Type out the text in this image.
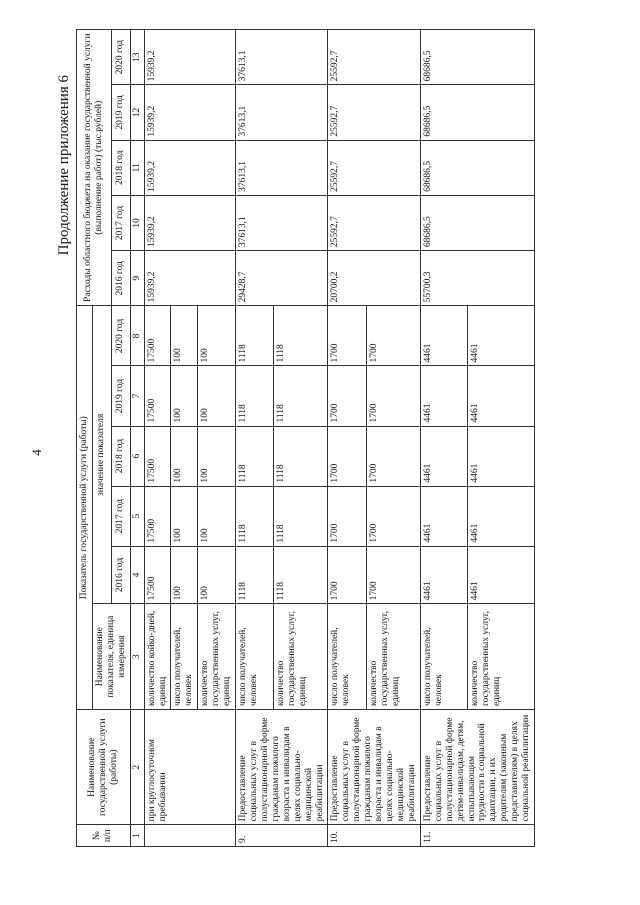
4
Продолжение приложения 6
№ п/п	Наименование государственной услуги (работы)	Показатель государственной услуги (работы)						Расходы областного бюджета на оказание государственной услуги (выполнение работ) (тыс.рублей)				
		Наименование показателя, единица измерения	значение показателя									
			2016 год	2017 год	2018 год	2019 год	2020 год	2016 год	2017 год	2018 год	2019 год	2020 год
1	2	3	4	5	6	7	8	9	10	11	12	13
	при круглосуточном пребывании	количество койко-дней, единиц	17500	17500	17500	17500	17500	15939,2	15939,2	15939,2	15939,2	15939,2
		число получателей, человек	100	100	100	100	100					
		количество государственных услуг, единиц	100	100	100	100	100					
9.	Предоставление социальных услуг в полустационарной форме гражданам пожилого возраста и инвалидам в целях социально-медицинской реабилитации	число получателей, человек	1118	1118	1118	1118	1118	29428,7	37613,1	37613,1	37613,1	37613,1
		количество государственных услуг, единиц	1118	1118	1118	1118	1118					
10.	Предоставление социальных услуг в полустационарной форме гражданам пожилого возраста и инвалидам в целях социально-медицинской реабилитации	число получателей, человек	1700	1700	1700	1700	1700	20700,2	25592,7	25592,7	25592,7	25592,7
		количество государственных услуг, единиц	1700	1700	1700	1700	1700					
11.	Предоставление социальных услуг в полустационарной форме детям-инвалидам, детям, испытывающим трудности в социальной адаптации, и их родителям (законным представителям) в целях социальной реабилитации	число получателей, человек	4461	4461	4461	4461	4461	55700,3	68686,5	68686,5	68686,5	68686,5
		количество государственных услуг, единиц	4461	4461	4461	4461	4461					
